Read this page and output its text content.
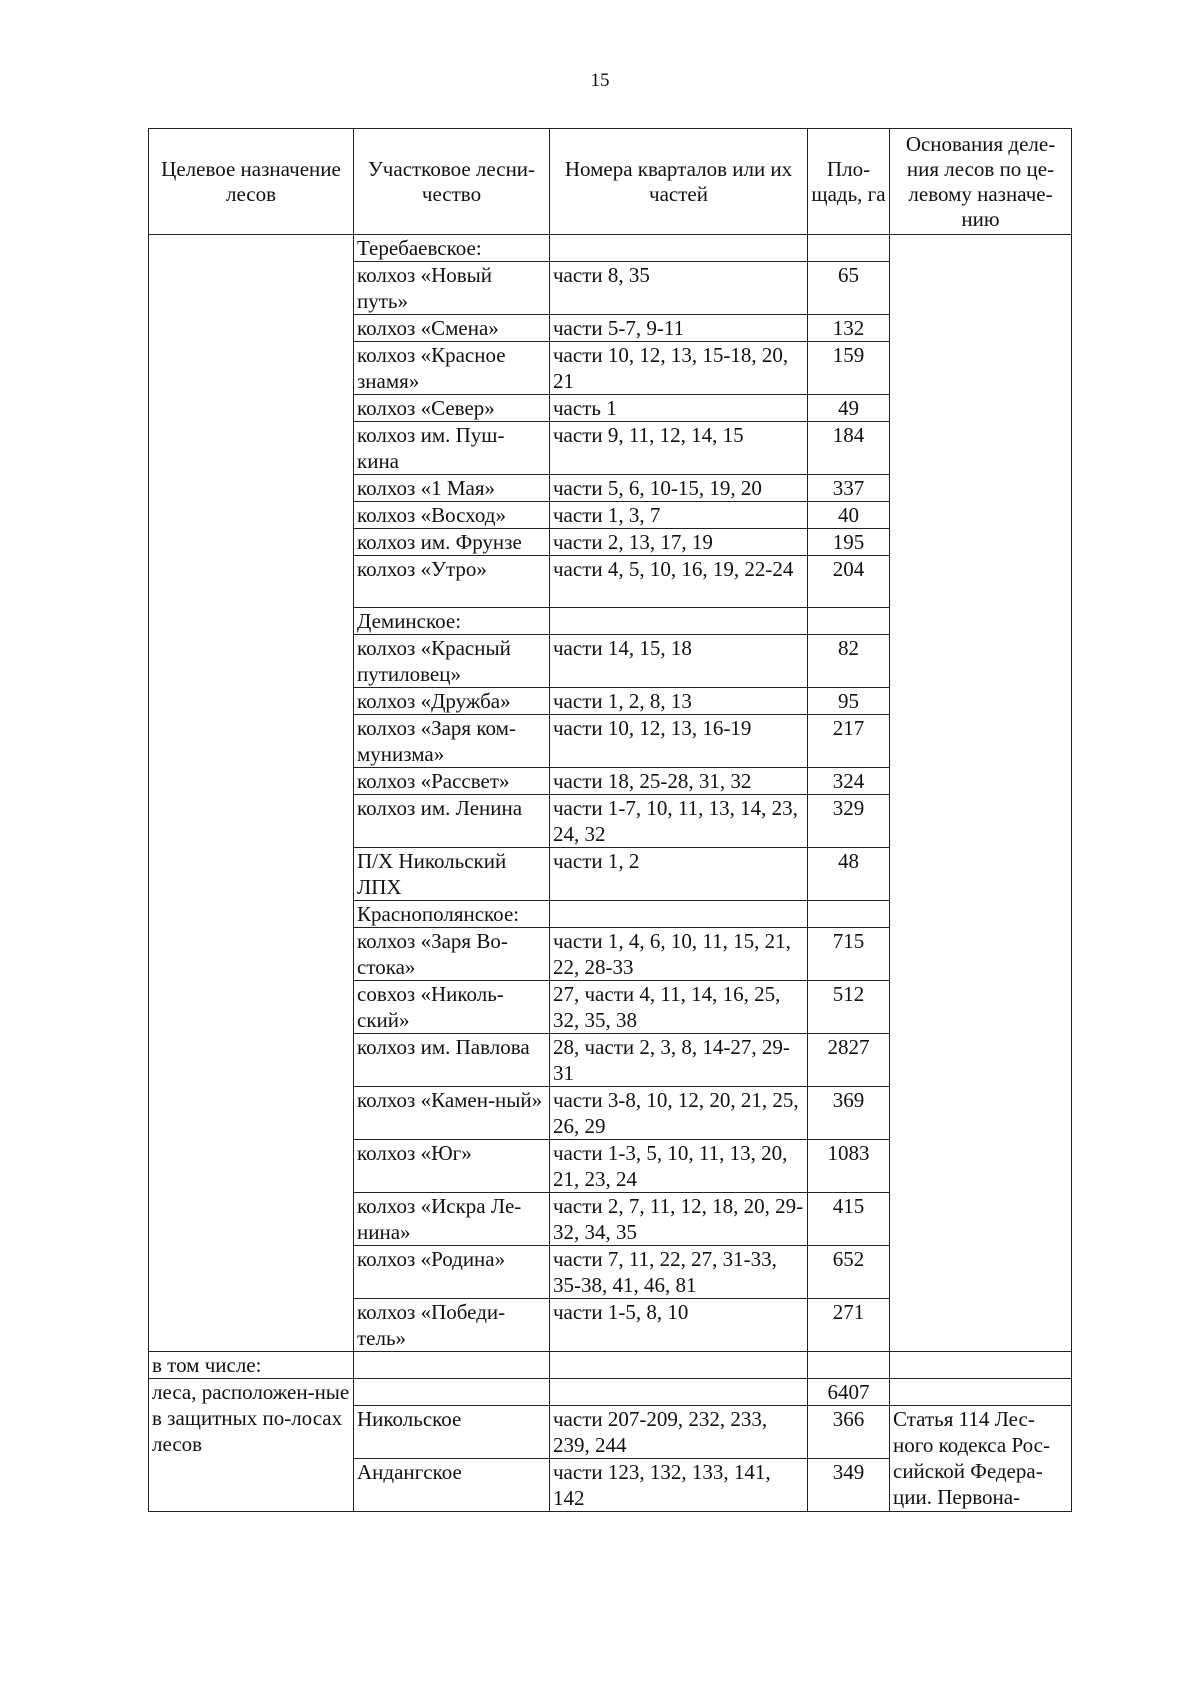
15
Целевое назначение лесов	Участковое лесни-чество	Номера кварталов или их частей	Пло-щадь, га	Основания деле-ния лесов по це-левому назначе-нию
	Теребаевское:			
	колхоз «Новый путь»	части 8, 35	65	
	колхоз «Смена»	части 5-7, 9-11	132	
	колхоз «Красное знамя»	части 10, 12, 13, 15-18, 20, 21	159	
	колхоз «Север»	часть 1	49	
	колхоз им. Пуш-кина	части 9, 11, 12, 14, 15	184	
	колхоз «1 Мая»	части 5, 6, 10-15, 19, 20	337	
	колхоз «Восход»	части 1, 3, 7	40	
	колхоз им. Фрунзе	части 2, 13, 17, 19	195	
	колхоз «Утро»	части 4, 5, 10, 16, 19, 22-24	204	
	Деминское:			
	колхоз «Красный путиловец»	части 14, 15, 18	82	
	колхоз «Дружба»	части 1, 2, 8, 13	95	
	колхоз «Заря ком-мунизма»	части 10, 12, 13, 16-19	217	
	колхоз «Рассвет»	части 18, 25-28, 31, 32	324	
	колхоз им. Ленина	части 1-7, 10, 11, 13, 14, 23, 24, 32	329	
	П/Х Никольский ЛПХ	части 1, 2	48	
	Краснополянское:			
	колхоз «Заря Во-стока»	части 1, 4, 6, 10, 11, 15, 21, 22, 28-33	715	
	совхоз «Николь-ский»	27, части 4, 11, 14, 16, 25, 32, 35, 38	512	
	колхоз им. Павлова	28, части 2, 3, 8, 14-27, 29-31	2827	
	колхоз «Камен-ный»	части 3-8, 10, 12, 20, 21, 25, 26, 29	369	
	колхоз «Юг»	части 1-3, 5, 10, 11, 13, 20, 21, 23, 24	1083	
	колхоз «Искра Ле-нина»	части 2, 7, 11, 12, 18, 20, 29-32, 34, 35	415	
	колхоз «Родина»	части 7, 11, 22, 27, 31-33, 35-38, 41, 46, 81	652	
	колхоз «Победи-тель»	части 1-5, 8, 10	271	
в том числе:				
леса, расположен-ные в защитных по-лосах лесов			6407	
	Никольское	части 207-209, 232, 233, 239, 244	366	Статья 114 Лес-ного кодекса Рос-сийской Федера-ции. Первона-
	Андангское	части 123, 132, 133, 141, 142	349	
